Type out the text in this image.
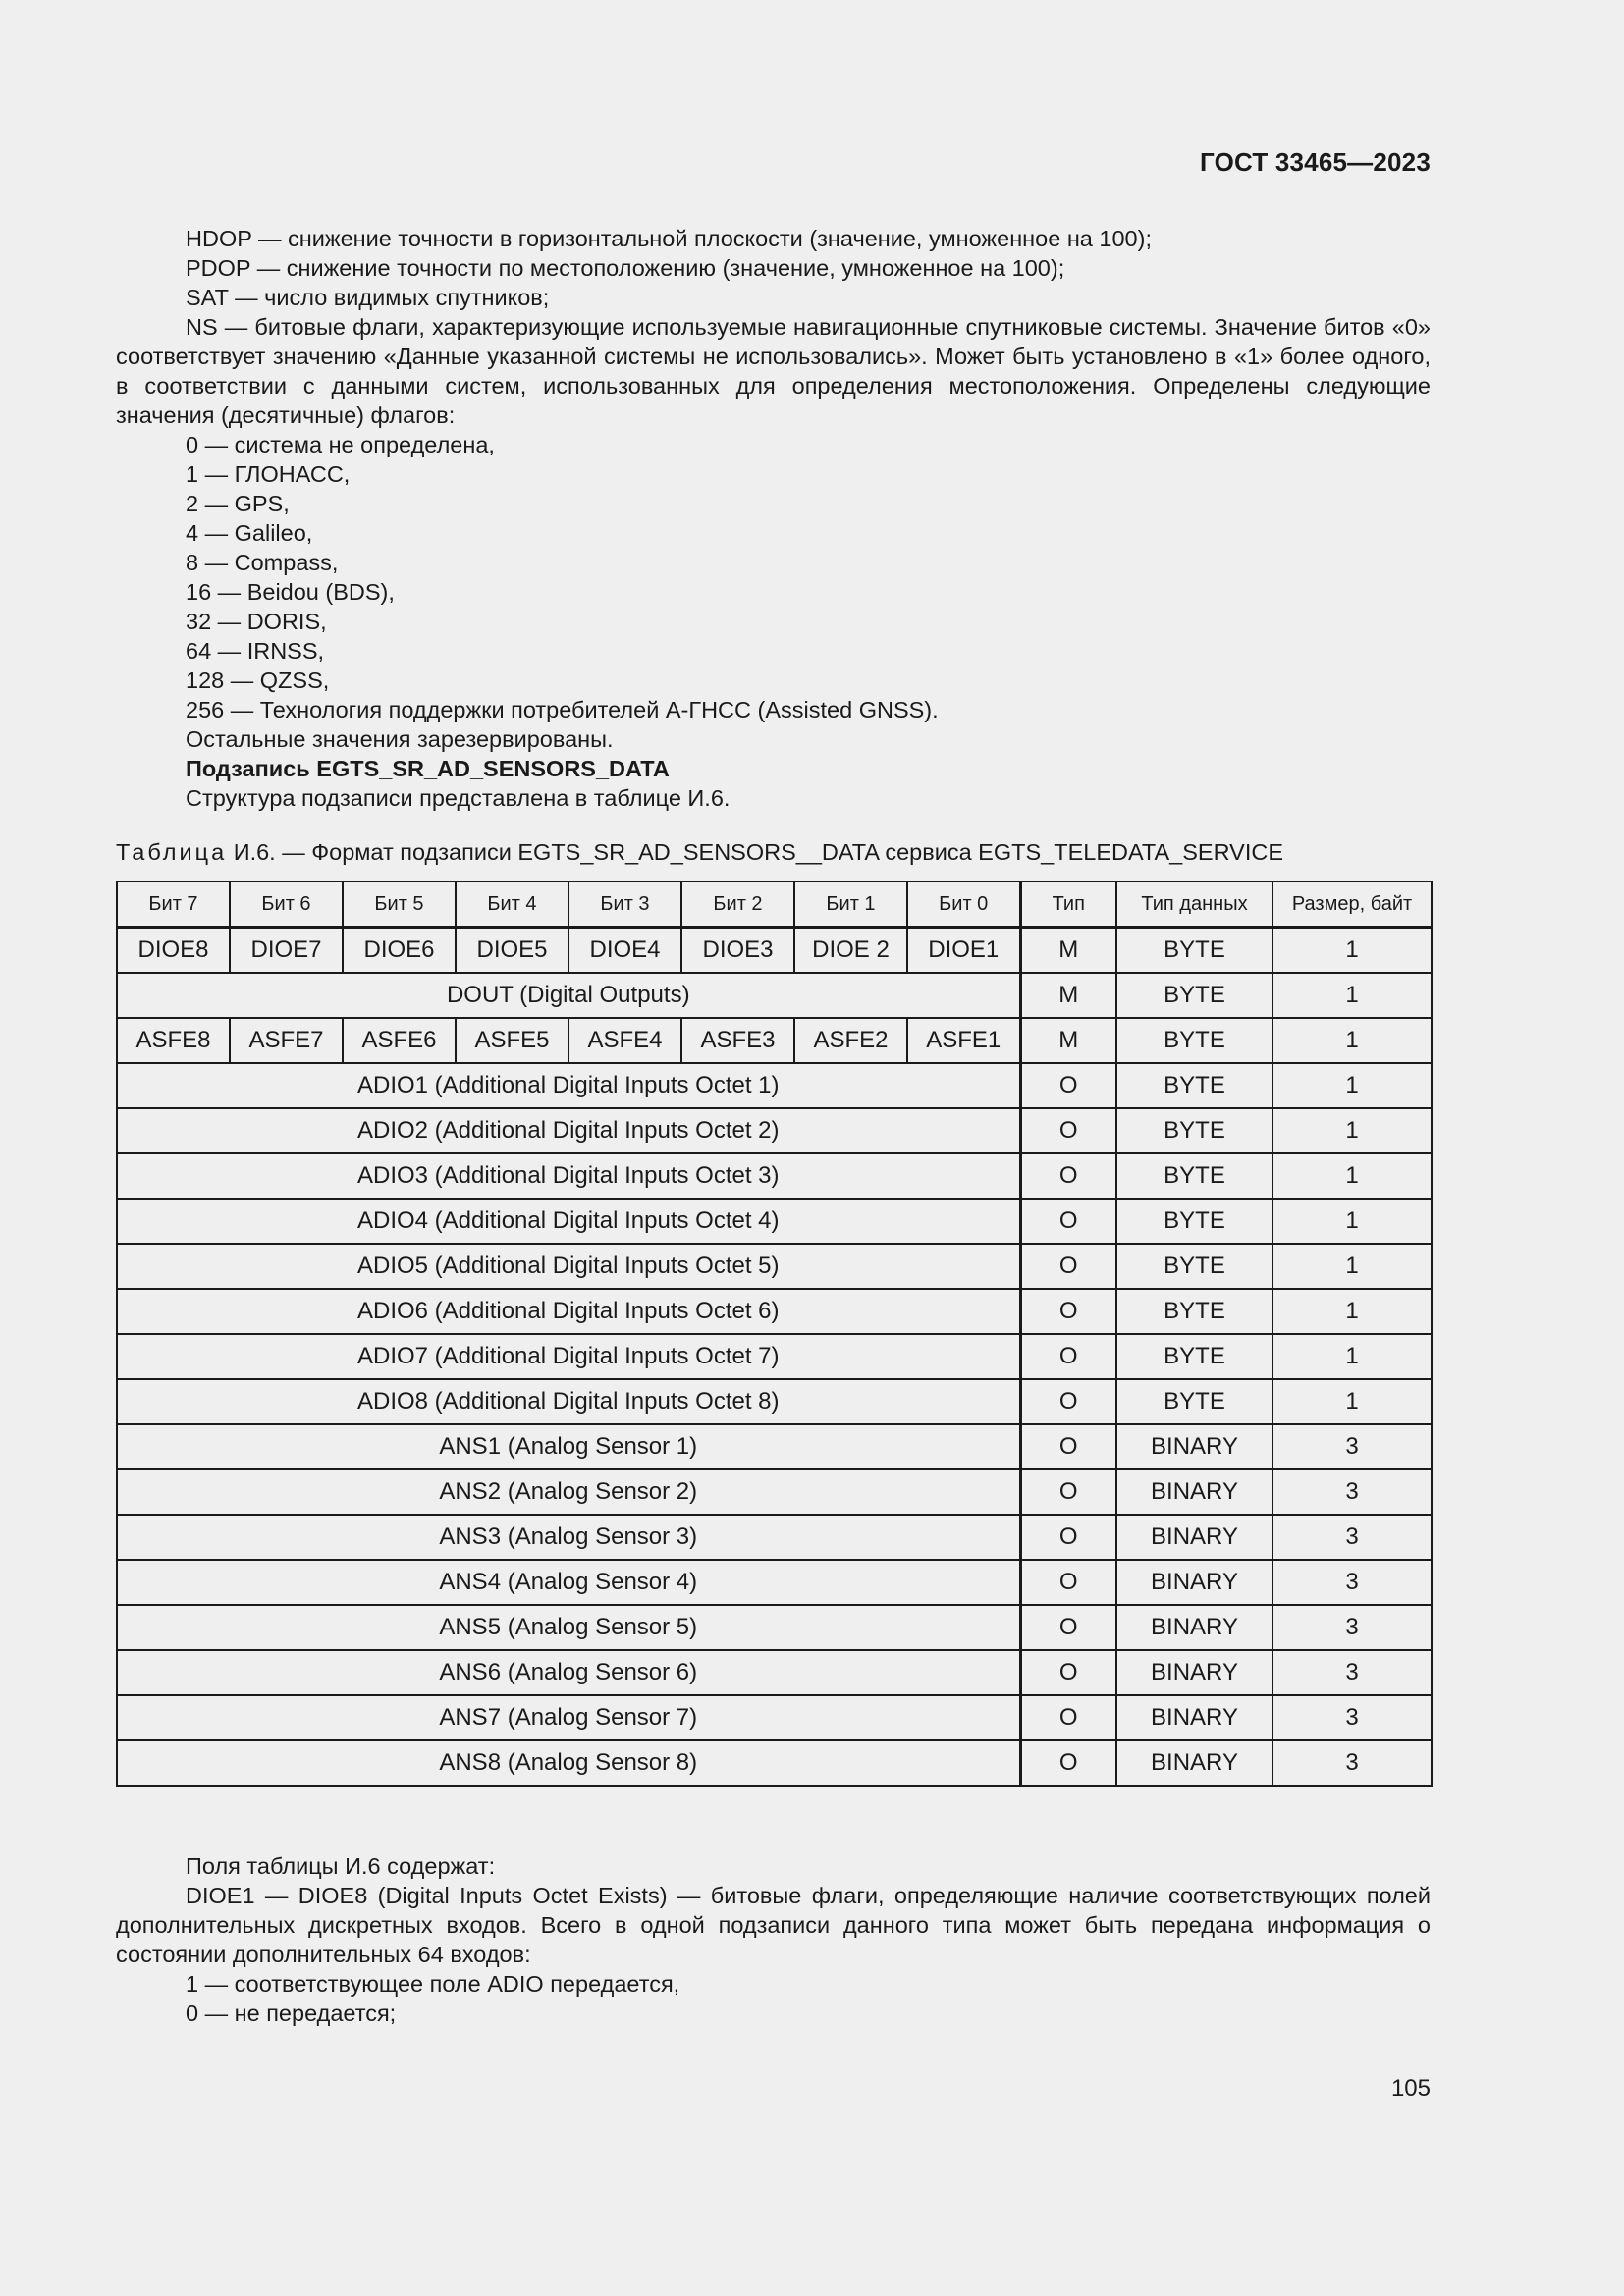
ГОСТ 33465—2023

HDOP — снижение точности в горизонтальной плоскости (значение, умноженное на 100);

PDOP — снижение точности по местоположению (значение, умноженное на 100);

SAT — число видимых спутников;

NS — битовые флаги, характеризующие используемые навигационные спутниковые системы. Значение битов «0» соответствует значению «Данные указанной системы не использовались». Может быть установлено в «1» более одного, в соответствии с данными систем, использованных для определения местоположения. Определены следующие значения (десятичные) флагов:

0 — система не определена,

1 — ГЛОНАСС,

2 — GPS,

4 — Galileo,

8 — Compass,

16 — Beidou (BDS),

32 — DORIS,

64 — IRNSS,

128 — QZSS,

256 — Технология поддержки потребителей А-ГНСС (Assisted GNSS).

Остальные значения зарезервированы.

Подзапись EGTS_SR_AD_SENSORS_DATA

Структура подзаписи представлена в таблице И.6.

Таблица И.6. — Формат подзаписи EGTS_SR_AD_SENSORS__DATA сервиса EGTS_TELEDATA_SERVICE
Бит 7	Бит 6	Бит 5	Бит 4	Бит 3	Бит 2	Бит 1	Бит 0	Тип	Тип данных	Размер, байт
DIOE8	DIOE7	DIOE6	DIOE5	DIOE4	DIOE3	DIOE 2	DIOE1	M	BYTE	1
DOUT (Digital Outputs)								M	BYTE	1
ASFE8	ASFE7	ASFE6	ASFE5	ASFE4	ASFE3	ASFE2	ASFE1	M	BYTE	1
ADIO1 (Additional Digital Inputs Octet 1)								O	BYTE	1
ADIO2 (Additional Digital Inputs Octet 2)								O	BYTE	1
ADIO3 (Additional Digital Inputs Octet 3)								O	BYTE	1
ADIO4 (Additional Digital Inputs Octet 4)								O	BYTE	1
ADIO5 (Additional Digital Inputs Octet 5)								O	BYTE	1
ADIO6 (Additional Digital Inputs Octet 6)								O	BYTE	1
ADIO7 (Additional Digital Inputs Octet 7)								O	BYTE	1
ADIO8 (Additional Digital Inputs Octet 8)								O	BYTE	1
ANS1 (Analog Sensor 1)								O	BINARY	3
ANS2 (Analog Sensor 2)								O	BINARY	3
ANS3 (Analog Sensor 3)								O	BINARY	3
ANS4 (Analog Sensor 4)								O	BINARY	3
ANS5 (Analog Sensor 5)								O	BINARY	3
ANS6 (Analog Sensor 6)								O	BINARY	3
ANS7 (Analog Sensor 7)								O	BINARY	3
ANS8 (Analog Sensor 8)								O	BINARY	3

Поля таблицы И.6 содержат:

DIOE1 — DIOE8 (Digital Inputs Octet Exists) — битовые флаги, определяющие наличие соответствующих полей дополнительных дискретных входов. Всего в одной подзаписи данного типа может быть передана информация о состоянии дополнительных 64 входов:

1 — соответствующее поле ADIO передается,

0 — не передается;

105
